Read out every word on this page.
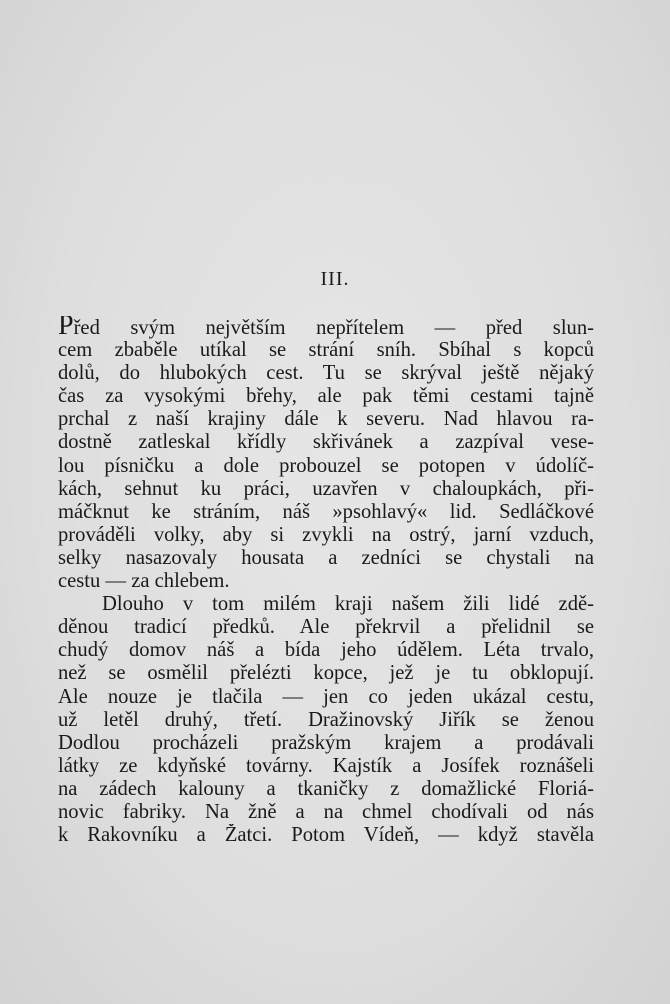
III.
Před svým největším nepřítelem — před slun-
cem zbaběle utíkal se strání sníh. Sbíhal s kopců
dolů, do hlubokých cest. Tu se skrýval ještě nějaký
čas za vysokými břehy, ale pak těmi cestami tajně
prchal z naší krajiny dále k severu. Nad hlavou ra-
dostně zatleskal křídly skřivánek a zazpíval vese-
lou písničku a dole probouzel se potopen v údolíč-
kách, sehnut ku práci, uzavřen v chaloupkách, při-
máčknut ke stráním, náš »psohlavý« lid. Sedláčkové
prováděli volky, aby si zvykli na ostrý, jarní vzduch,
selky nasazovaly housata a zedníci se chystali na
cestu — za chlebem.
Dlouho v tom milém kraji našem žili lidé zdě-
děnou tradicí předků. Ale překrvil a přelidnil se
chudý domov náš a bída jeho údělem. Léta trvalo,
než se osmělil přelézti kopce, jež je tu obklopují.
Ale nouze je tlačila — jen co jeden ukázal cestu,
už letěl druhý, třetí. Dražinovský Jiřík se ženou
Dodlou procházeli pražským krajem a prodávali
látky ze kdyňské továrny. Kajstík a Josífek roznášeli
na zádech kalouny a tkaničky z domažlické Floriá-
novic fabriky. Na žně a na chmel chodívali od nás
k Rakovníku a Žatci. Potom Vídeň, — když stavěla
